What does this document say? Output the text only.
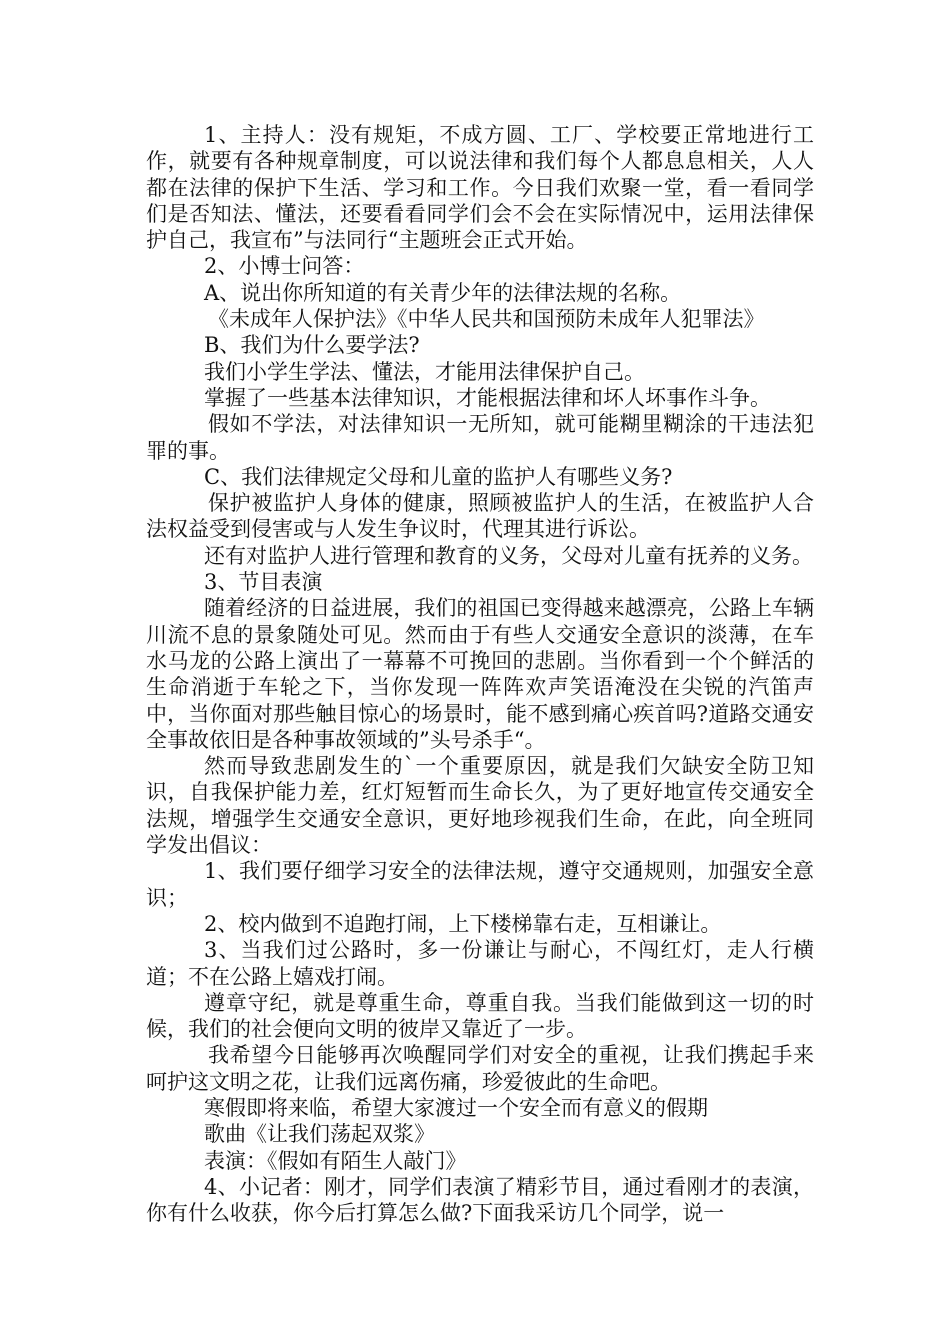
1、主持人：没有规矩，不成方圆、工厂、学校要正常地进行工作，就要有各种规章制度，可以说法律和我们每个人都息息相关，人人都在法律的保护下生活、学习和工作。今日我们欢聚一堂，看一看同学们是否知法、懂法，还要看看同学们会不会在实际情况中，运用法律保护自己，我宣布”与法同行“主题班会正式开始。

2、小博士问答：

A、说出你所知道的有关青少年的法律法规的名称。

《未成年人保护法》《中华人民共和国预防未成年人犯罪法》

B、我们为什么要学法?

我们小学生学法、懂法，才能用法律保护自己。

掌握了一些基本法律知识，才能根据法律和坏人坏事作斗争。

假如不学法，对法律知识一无所知，就可能糊里糊涂的干违法犯罪的事。

C、我们法律规定父母和儿童的监护人有哪些义务?

保护被监护人身体的健康，照顾被监护人的生活，在被监护人合法权益受到侵害或与人发生争议时，代理其进行诉讼。

还有对监护人进行管理和教育的义务，父母对儿童有抚养的义务。

3、节目表演

随着经济的日益进展，我们的祖国已变得越来越漂亮，公路上车辆川流不息的景象随处可见。然而由于有些人交通安全意识的淡薄，在车水马龙的公路上演出了一幕幕不可挽回的悲剧。当你看到一个个鲜活的生命消逝于车轮之下，当你发现一阵阵欢声笑语淹没在尖锐的汽笛声中，当你面对那些触目惊心的场景时，能不感到痛心疾首吗?道路交通安全事故依旧是各种事故领域的”头号杀手“。

然而导致悲剧发生的`一个重要原因，就是我们欠缺安全防卫知识，自我保护能力差，红灯短暂而生命长久，为了更好地宣传交通安全法规，增强学生交通安全意识，更好地珍视我们生命，在此，向全班同学发出倡议：

1、我们要仔细学习安全的法律法规，遵守交通规则，加强安全意识；

2、校内做到不追跑打闹，上下楼梯靠右走，互相谦让。

3、当我们过公路时，多一份谦让与耐心，不闯红灯，走人行横道；不在公路上嬉戏打闹。

遵章守纪，就是尊重生命，尊重自我。当我们能做到这一切的时候，我们的社会便向文明的彼岸又靠近了一步。

我希望今日能够再次唤醒同学们对安全的重视，让我们携起手来呵护这文明之花，让我们远离伤痛，珍爱彼此的生命吧。

寒假即将来临，希望大家渡过一个安全而有意义的假期

歌曲《让我们荡起双浆》

表演：《假如有陌生人敲门》

4、小记者：刚才，同学们表演了精彩节目，通过看刚才的表演，你有什么收获，你今后打算怎么做?下面我采访几个同学，说一
